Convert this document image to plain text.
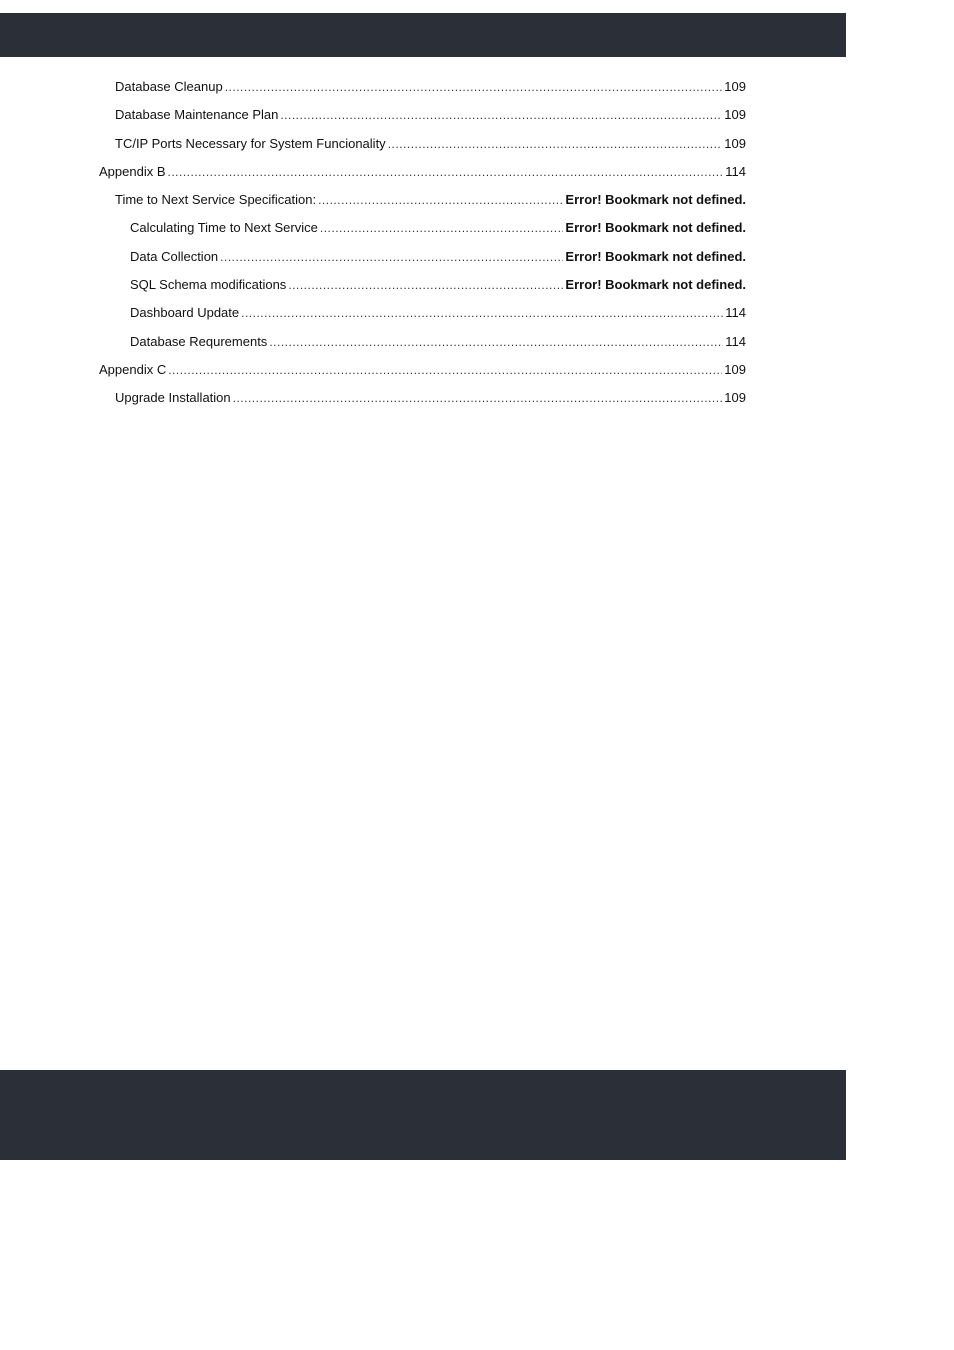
Database Cleanup .....	109
Database Maintenance Plan .....	109
TC/IP Ports Necessary for System Funcionality .....	109
Appendix B .....	114
Time to Next Service Specification: .....	Error! Bookmark not defined.
Calculating Time to Next Service .....	Error! Bookmark not defined.
Data Collection .....	Error! Bookmark not defined.
SQL Schema modifications .....	Error! Bookmark not defined.
Dashboard Update .....	114
Database Requrements .....	114
Appendix C .....	109
Upgrade Installation .....	109
